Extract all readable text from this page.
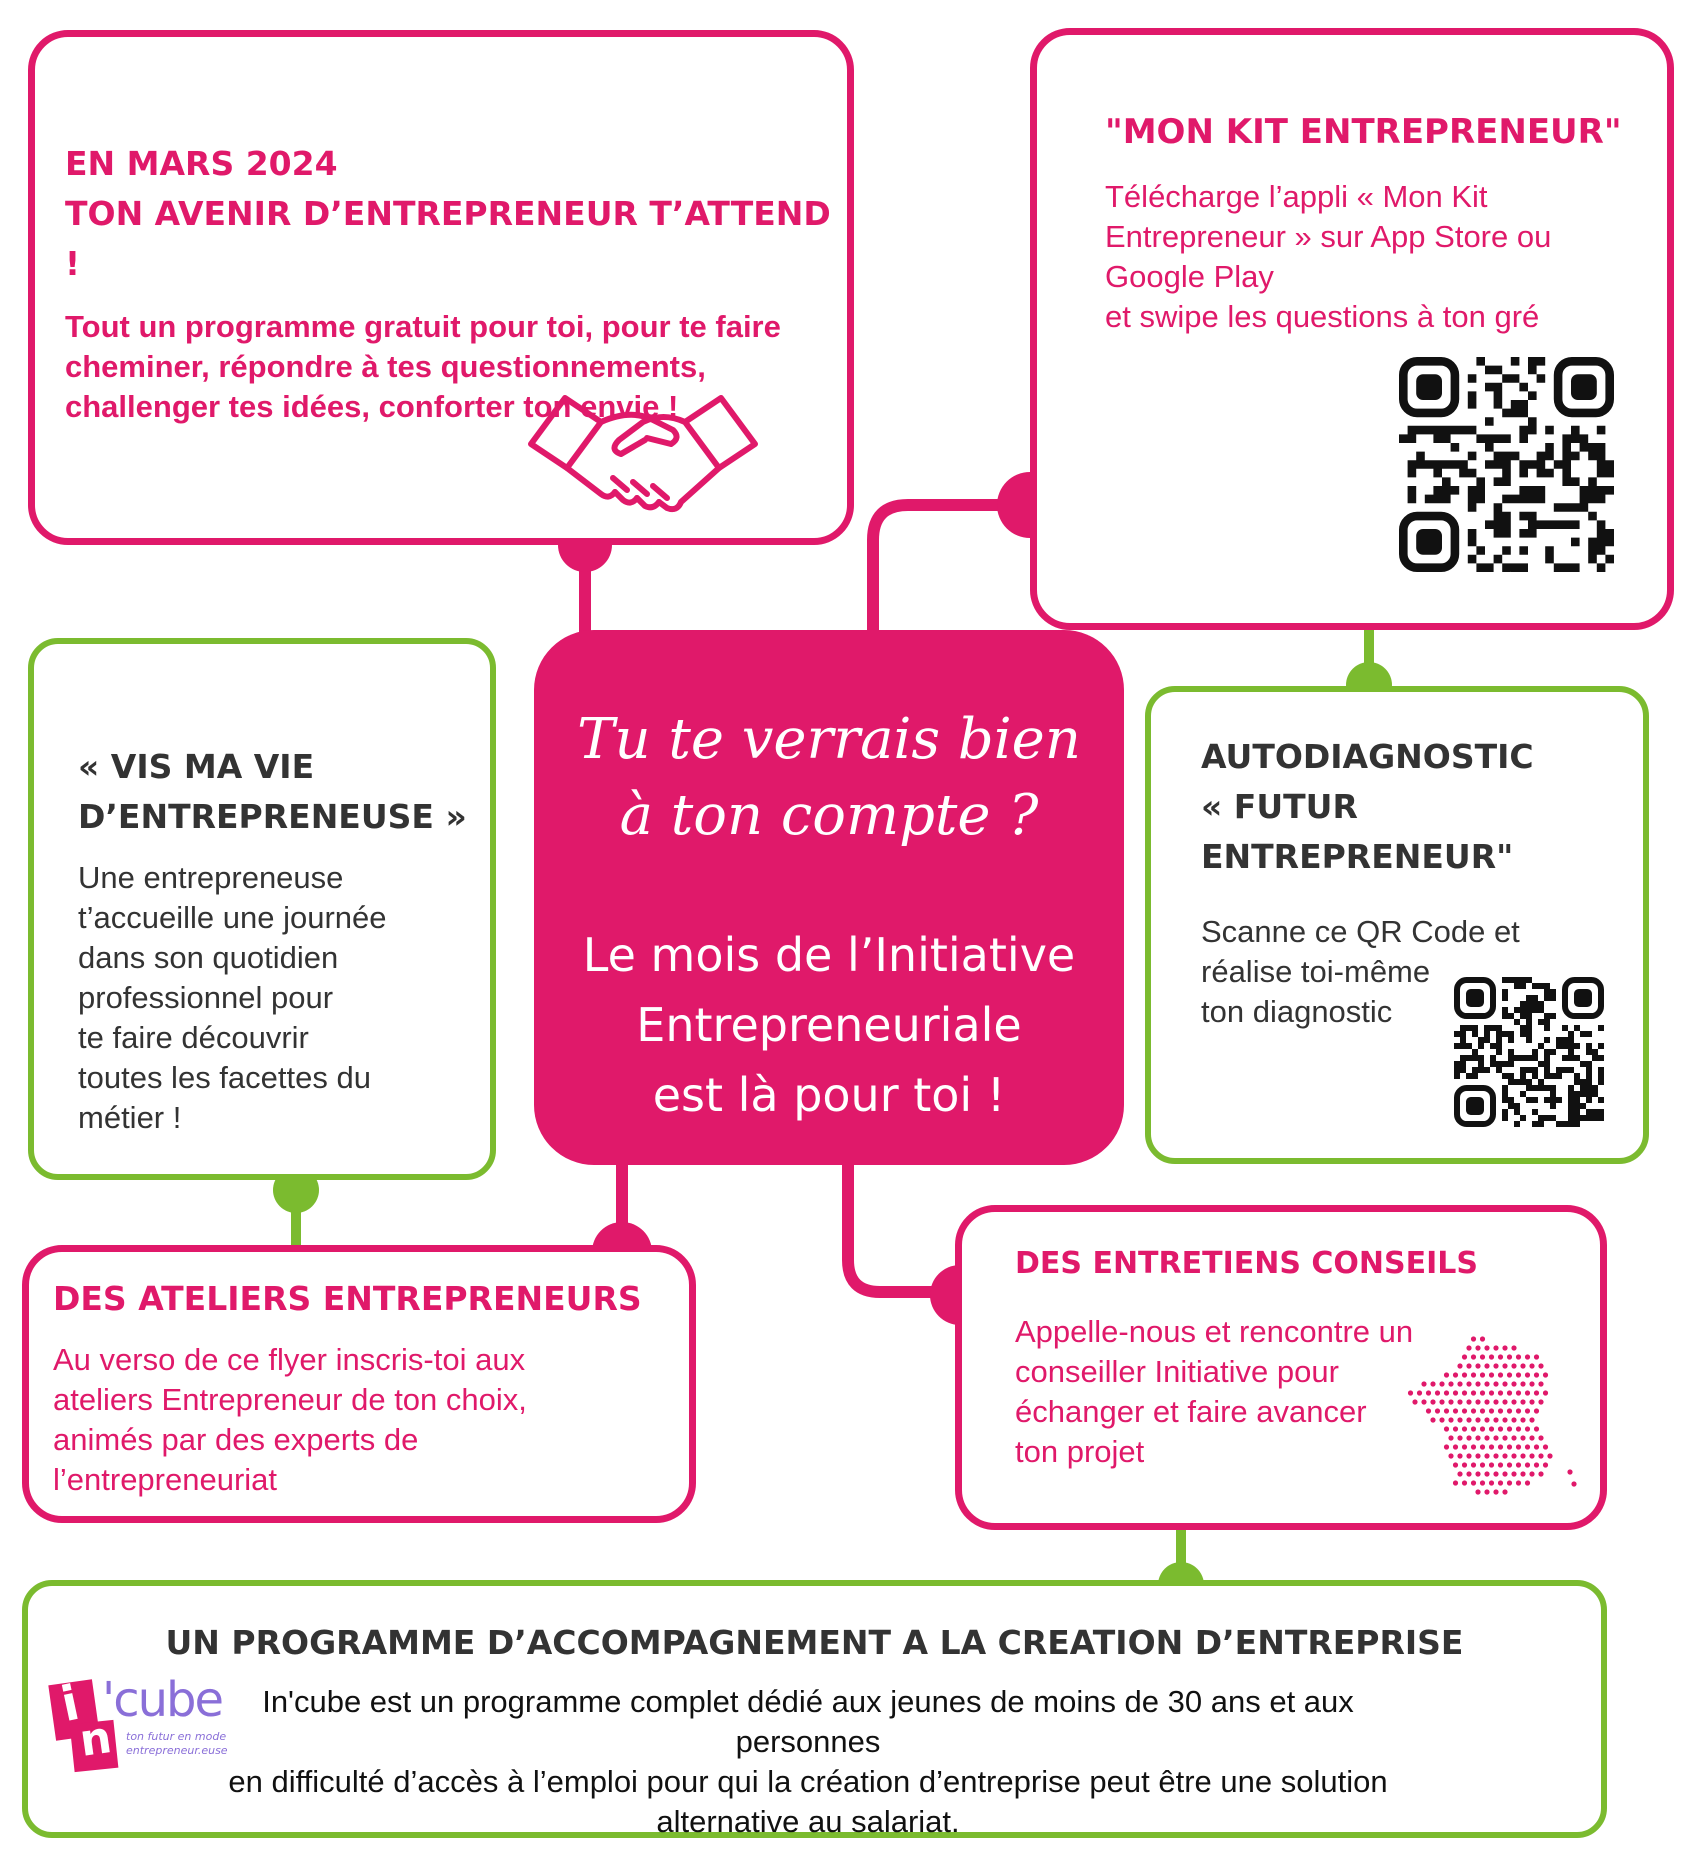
EN MARS 2024

TON AVENIR D’ENTREPRENEUR T’ATTEND !

Tout un programme gratuit pour toi, pour te faire

cheminer, répondre à tes questionnements,

challenger tes idées, conforter ton envie !

"MON KIT ENTREPRENEUR"

Télécharge l’appli « Mon Kit

Entrepreneur » sur App Store ou

Google Play

et swipe les questions à ton gré

« VIS MA VIE

D’ENTREPRENEUSE »

Une entrepreneuse

t’accueille une journée

dans son quotidien

professionnel pour

te faire découvrir

toutes les facettes du

métier !

Tu te verrais bien

à ton compte ?

Le mois de l’Initiative

Entrepreneuriale

est là pour toi !

AUTODIAGNOSTIC

« FUTUR

ENTREPRENEUR"

Scanne ce QR Code et

réalise toi-même

ton diagnostic

DES ATELIERS ENTREPRENEURS

Au verso de ce flyer inscris-toi aux

ateliers Entrepreneur de ton choix,

animés par des experts de

l’entrepreneuriat

DES ENTRETIENS CONSEILS

Appelle-nous et rencontre un

conseiller Initiative pour

échanger et faire avancer

ton projet

UN PROGRAMME D’ACCOMPAGNEMENT A LA CREATION D’ENTREPRISE

i
n
'cube
ton futur en mode
entrepreneur.euse

In'cube est un programme complet dédié aux jeunes de moins de 30 ans et aux personnes

en difficulté d’accès à l’emploi pour qui la création d’entreprise peut être une solution

alternative au salariat.
